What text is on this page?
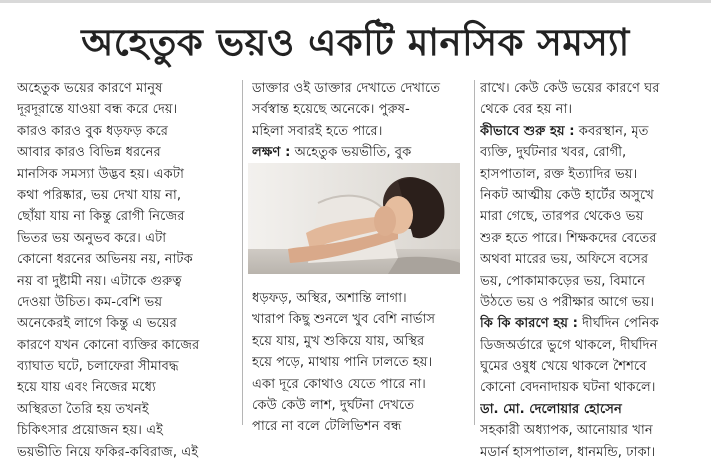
অহেতুক ভয়ও একটি মানসিক সমস্যা
অহেতুক ভয়ের কারণে মানুষ
দূরদূরান্তে যাওয়া বন্ধ করে দেয়।
কারও কারও বুক ধড়ফড় করে
আবার কারও বিভিন্ন ধরনের
মানসিক সমস্যা উদ্ভব হয়। একটা
কথা পরিষ্কার, ভয় দেখা যায় না,
ছোঁয়া যায় না কিন্তু রোগী নিজের
ভিতর ভয় অনুভব করে। এটা
কোনো ধরনের অভিনয় নয়, নাটক
নয় বা দুষ্টামী নয়। এটাকে গুরুত্ব
দেওয়া উচিত। কম-বেশি ভয়
অনেকেরই লাগে কিন্তু এ ভয়ের
কারণে যখন কোনো ব্যক্তির কাজের
ব্যাঘাত ঘটে, চলাফেরা সীমাবদ্ধ
হয়ে যায় এবং নিজের মধ্যে
অস্থিরতা তৈরি হয় তখনই
চিকিৎসার প্রয়োজন হয়। এই
ভয়ভীতি নিয়ে ফকির-কবিরাজ, এই
ডাক্তার ওই ডাক্তার দেখাতে দেখাতে
সর্বস্বান্ত হয়েছে অনেকে। পুরুষ-
মহিলা সবারই হতে পারে।
লক্ষণ : অহেতুক ভয়ভীতি, বুক
ধড়ফড়, অস্থির, অশান্তি লাগা।
খারাপ কিছু শুনলে খুব বেশি নার্ভাস
হয়ে যায়, মুখ শুকিয়ে যায়, অস্থির
হয়ে পড়ে, মাথায় পানি ঢালতে হয়।
একা দূরে কোথাও যেতে পারে না।
কেউ কেউ লাশ, দুর্ঘটনা দেখতে
পারে না বলে টেলিভিশন বন্ধ
রাখে। কেউ কেউ ভয়ের কারণে ঘর
থেকে বের হয় না।
কীভাবে শুরু হয় : কবরস্থান, মৃত
ব্যক্তি, দুর্ঘটনার খবর, রোগী,
হাসপাতাল, রক্ত ইত্যাদির ভয়।
নিকট আত্মীয় কেউ হার্টের অসুখে
মারা গেছে, তারপর থেকেও ভয়
শুরু হতে পারে। শিক্ষকদের বেতের
অথবা মারের ভয়, অফিসে বসের
ভয়, পোকামাকড়ের ভয়, বিমানে
উঠতে ভয় ও পরীক্ষার আগে ভয়।
কি কি কারণে হয় : দীর্ঘদিন পেনিক
ডিজঅর্ডারে ভুগে থাকলে, দীর্ঘদিন
ঘুমের ওষুধ খেয়ে থাকলে শৈশবে
কোনো বেদনাদায়ক ঘটনা থাকলে।
ডা. মো. দেলোয়ার হোসেন
সহকারী অধ্যাপক, আনোয়ার খান
মডার্ন হাসপাতাল, ধানমন্ডি, ঢাকা।
